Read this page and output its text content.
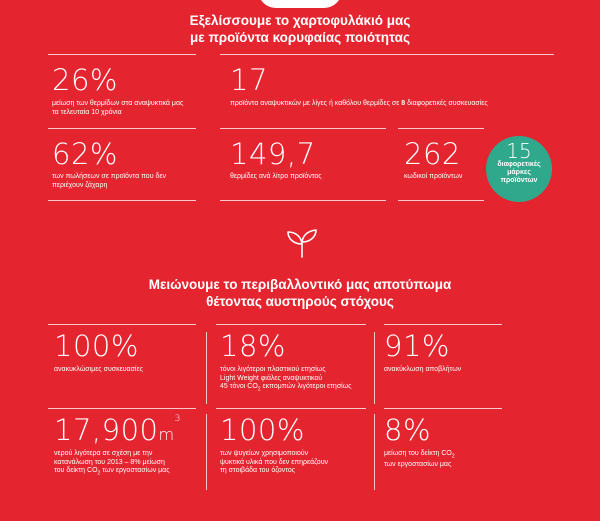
Εξελίσσουμε το χαρτοφυλάκιό μας
με προϊόντα κορυφαίας ποιότητας
26%
μείωση των θερμίδων στα αναψυκτικά μας
τα τελευταία 10 χρόνια
17
προϊόντα αναψυκτικών με λίγες ή καθόλου θερμίδες σε 8 διαφορετικές συσκευασίες
62%
των πωλήσεων σε προϊόντα που δεν
περιέχουν ζάχαρη
149,7
θερμίδες ανά λίτρο προϊόντος
262
κωδικοί προϊόντων
15
διαφορετικές
μάρκες
προϊόντων
Μειώνουμε το περιβαλλοντικό μας αποτύπωμα
θέτοντας αυστηρούς στόχους
100%
ανακυκλώσιμες συσκευασίες
18%
τόνοι λιγότεροι πλαστικού ετησίως
Light Weight φιάλες αναψυκτικού
45 τόνοι $CO_2$ εκπομπών λιγότεροι ετησίως
91%
ανακύκλωση αποβλήτων
$17,900m^3$
νερού λιγότερα σε σχέση με την
κατανάλωση του 2013 – 8% μείωση
του δείκτη $CO_2$ των εργοστασίων μας
100%
των ψυγείων χρησιμοποιούν
ψυκτικά υλικά που δεν επηρεάζουν
τη στοιβάδα του όζοντος
8%
μείωση του δείκτη $CO_2$
των εργοστασίων μας
